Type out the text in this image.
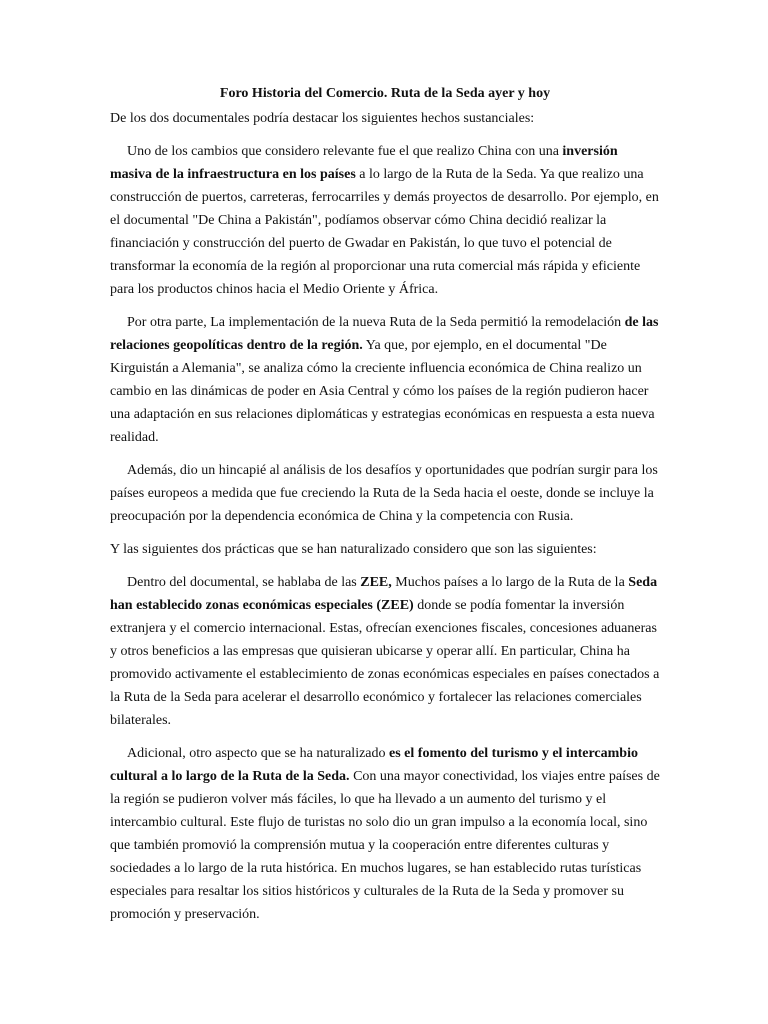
Foro Historia del Comercio. Ruta de la Seda ayer y hoy

De los dos documentales podría destacar los siguientes hechos sustanciales:

Uno de los cambios que considero relevante fue el que realizo China con una inversión masiva de la infraestructura en los países a lo largo de la Ruta de la Seda. Ya que realizo una construcción de puertos, carreteras, ferrocarriles y demás proyectos de desarrollo. Por ejemplo, en el documental "De China a Pakistán", podíamos observar cómo China decidió realizar la financiación y construcción del puerto de Gwadar en Pakistán, lo que tuvo el potencial de transformar la economía de la región al proporcionar una ruta comercial más rápida y eficiente para los productos chinos hacia el Medio Oriente y África.

Por otra parte, La implementación de la nueva Ruta de la Seda permitió la remodelación de las relaciones geopolíticas dentro de la región. Ya que, por ejemplo, en el documental "De Kirguistán a Alemania", se analiza cómo la creciente influencia económica de China realizo un cambio en las dinámicas de poder en Asia Central y cómo los países de la región pudieron hacer una adaptación en sus relaciones diplomáticas y estrategias económicas en respuesta a esta nueva realidad.

Además, dio un hincapié al análisis de los desafíos y oportunidades que podrían surgir para los países europeos a medida que fue creciendo la Ruta de la Seda hacia el oeste, donde se incluye la preocupación por la dependencia económica de China y la competencia con Rusia.

Y las siguientes dos prácticas que se han naturalizado considero que son las siguientes:

Dentro del documental, se hablaba de las ZEE, Muchos países a lo largo de la Ruta de la Seda han establecido zonas económicas especiales (ZEE) donde se podía fomentar la inversión extranjera y el comercio internacional. Estas, ofrecían exenciones fiscales, concesiones aduaneras y otros beneficios a las empresas que quisieran ubicarse y operar allí. En particular, China ha promovido activamente el establecimiento de zonas económicas especiales en países conectados a la Ruta de la Seda para acelerar el desarrollo económico y fortalecer las relaciones comerciales bilaterales.

Adicional, otro aspecto que se ha naturalizado es el fomento del turismo y el intercambio cultural a lo largo de la Ruta de la Seda. Con una mayor conectividad, los viajes entre países de la región se pudieron volver más fáciles, lo que ha llevado a un aumento del turismo y el intercambio cultural. Este flujo de turistas no solo dio un gran impulso a la economía local, sino que también promovió la comprensión mutua y la cooperación entre diferentes culturas y sociedades a lo largo de la ruta histórica. En muchos lugares, se han establecido rutas turísticas especiales para resaltar los sitios históricos y culturales de la Ruta de la Seda y promover su promoción y preservación.
